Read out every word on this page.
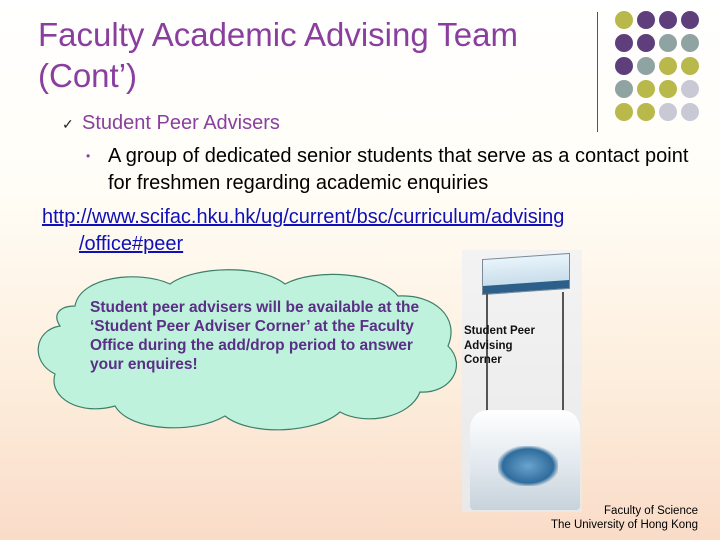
Faculty Academic Advising Team (Cont’)
✓ Student Peer Advisers
• A group of dedicated senior students that serve as a contact point for freshmen regarding academic enquiries
http://www.scifac.hku.hk/ug/current/bsc/curriculum/advising
/office#peer
Student peer advisers will be available at the ‘Student Peer Adviser Corner’ at the Faculty Office during the add/drop period to answer your enquires!
Student Peer Advising Corner
Faculty of Science
The University of Hong Kong
